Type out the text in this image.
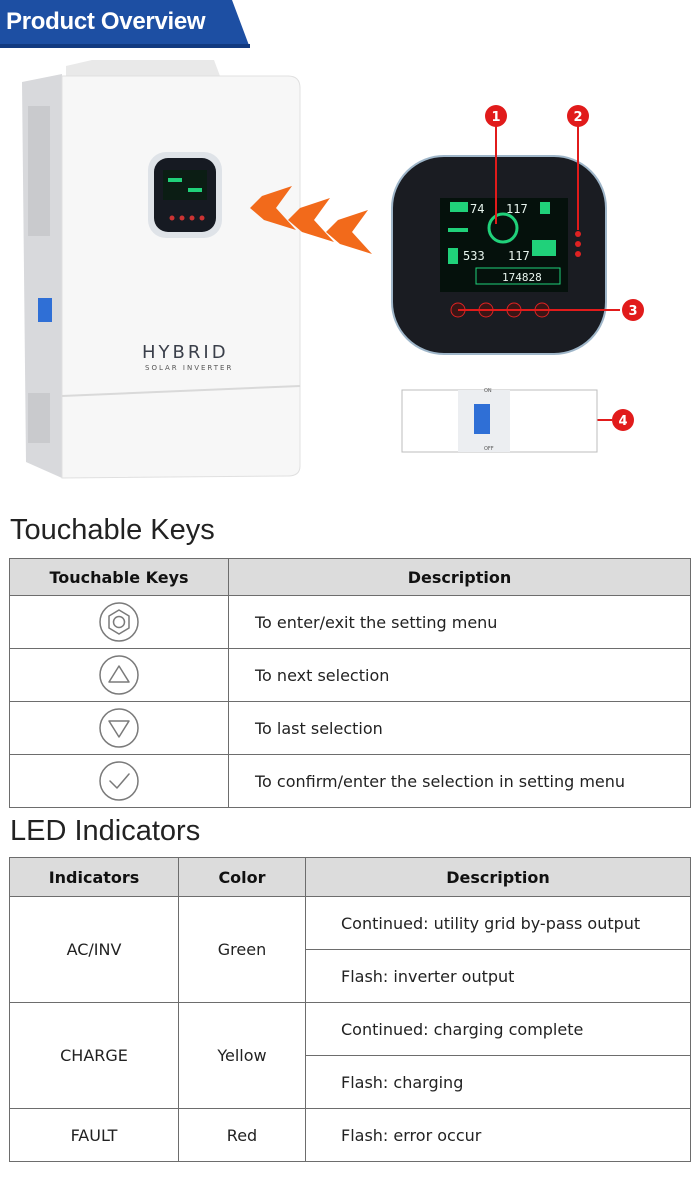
Product Overview
HYBRID
SOLAR INVERTER
74 117
533 117
174828
1	2
3
4
ON
OFF
Touchable Keys
Touchable Keys	Description
	To enter/exit the setting menu
	To next selection
	To last selection
	To confirm/enter the selection in setting menu
LED Indicators
Indicators	Color	Description
AC/INV	Green	Continued: utility grid by-pass output
		Flash: inverter output
CHARGE	Yellow	Continued: charging complete
		Flash: charging
FAULT	Red	Flash: error occur
